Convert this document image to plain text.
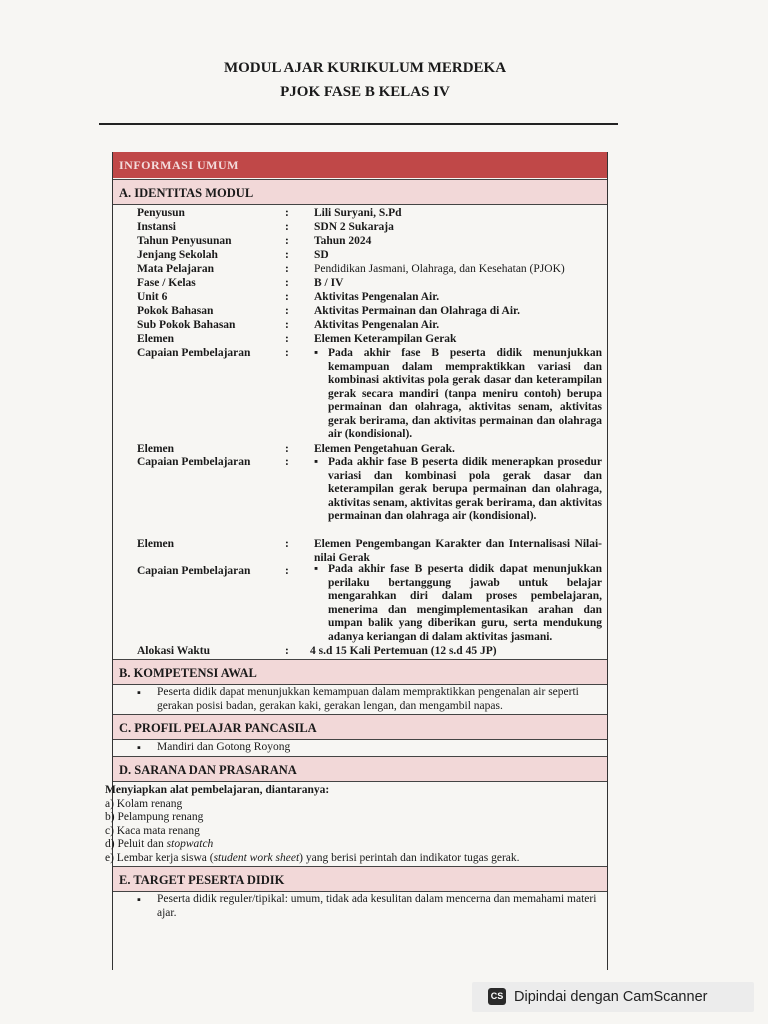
MODUL AJAR KURIKULUM MERDEKA
PJOK FASE B KELAS IV
INFORMASI UMUM
A. IDENTITAS MODUL
Penyusun	: Lili Suryani, S.Pd
Instansi	: SDN 2 Sukaraja
Tahun Penyusunan	: Tahun 2024
Jenjang Sekolah	: SD
Mata Pelajaran	: Pendidikan Jasmani, Olahraga, dan Kesehatan (PJOK)
Fase / Kelas	: B / IV
Unit 6	: Aktivitas Pengenalan Air.
Pokok Bahasan	: Aktivitas Permainan dan Olahraga di Air.
Sub Pokok Bahasan	: Aktivitas Pengenalan Air.
Elemen	: Elemen Keterampilan Gerak
Capaian Pembelajaran	: ▪ Pada akhir fase B peserta didik menunjukkan kemampuan dalam mempraktikkan variasi dan kombinasi aktivitas pola gerak dasar dan keterampilan gerak secara mandiri (tanpa meniru contoh) berupa permainan dan olahraga, aktivitas senam, aktivitas gerak berirama, dan aktivitas permainan dan olahraga air (kondisional).
Elemen	: Elemen Pengetahuan Gerak.
Capaian Pembelajaran	: ▪ Pada akhir fase B peserta didik menerapkan prosedur variasi dan kombinasi pola gerak dasar dan keterampilan gerak berupa permainan dan olahraga, aktivitas senam, aktivitas gerak berirama, dan aktivitas permainan dan olahraga air (kondisional).
Elemen	: Elemen Pengembangan Karakter dan Internalisasi Nilai- nilai Gerak
Capaian Pembelajaran	: ▪ Pada akhir fase B peserta didik dapat menunjukkan perilaku bertanggung jawab untuk belajar mengarahkan diri dalam proses pembelajaran, menerima dan mengimplementasikan arahan dan umpan balik yang diberikan guru, serta mendukung adanya keriangan di dalam aktivitas jasmani.
Alokasi Waktu	: 4 s.d 15 Kali Pertemuan (12 s.d 45 JP)
B. KOMPETENSI AWAL
▪ Peserta didik dapat menunjukkan kemampuan dalam mempraktikkan pengenalan air seperti gerakan posisi badan, gerakan kaki, gerakan lengan, dan mengambil napas.
C. PROFIL PELAJAR PANCASILA
▪ Mandiri dan Gotong Royong
D. SARANA DAN PRASARANA
Menyiapkan alat pembelajaran, diantaranya:
a) Kolam renang
b) Pelampung renang
c) Kaca mata renang
d) Peluit dan stopwatch
e) Lembar kerja siswa (student work sheet) yang berisi perintah dan indikator tugas gerak.
E. TARGET PESERTA DIDIK
▪ Peserta didik reguler/tipikal: umum, tidak ada kesulitan dalam mencerna dan memahami materi ajar.
CS Dipindai dengan CamScanner
